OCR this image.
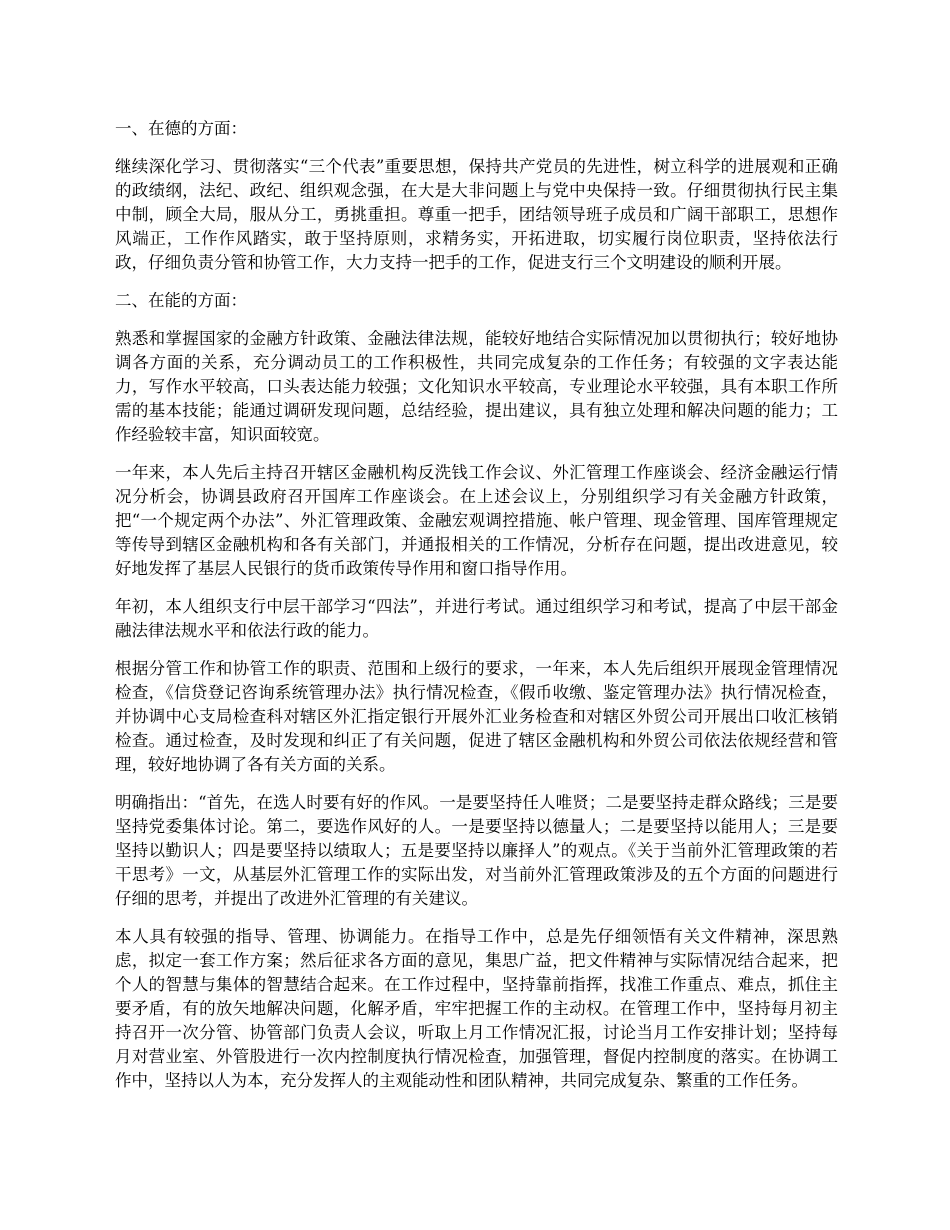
一、在德的方面：

继续深化学习、贯彻落实“三个代表”重要思想，保持共产党员的先进性，树立科学的进展观和正确的政绩纲，法纪、政纪、组织观念强，在大是大非问题上与党中央保持一致。仔细贯彻执行民主集中制，顾全大局，服从分工，勇挑重担。尊重一把手，团结领导班子成员和广阔干部职工，思想作风端正，工作作风踏实，敢于坚持原则，求精务实，开拓进取，切实履行岗位职责，坚持依法行政，仔细负责分管和协管工作，大力支持一把手的工作，促进支行三个文明建设的顺利开展。

二、在能的方面：

熟悉和掌握国家的金融方针政策、金融法律法规，能较好地结合实际情况加以贯彻执行；较好地协调各方面的关系，充分调动员工的工作积极性，共同完成复杂的工作任务；有较强的文字表达能力，写作水平较高，口头表达能力较强；文化知识水平较高，专业理论水平较强，具有本职工作所需的基本技能；能通过调研发现问题，总结经验，提出建议，具有独立处理和解决问题的能力；工作经验较丰富，知识面较宽。

一年来，本人先后主持召开辖区金融机构反洗钱工作会议、外汇管理工作座谈会、经济金融运行情况分析会，协调县政府召开国库工作座谈会。在上述会议上，分别组织学习有关金融方针政策，把“一个规定两个办法”、外汇管理政策、金融宏观调控措施、帐户管理、现金管理、国库管理规定等传导到辖区金融机构和各有关部门，并通报相关的工作情况，分析存在问题，提出改进意见，较好地发挥了基层人民银行的货币政策传导作用和窗口指导作用。

年初，本人组织支行中层干部学习“四法”，并进行考试。通过组织学习和考试，提高了中层干部金融法律法规水平和依法行政的能力。

根据分管工作和协管工作的职责、范围和上级行的要求，一年来，本人先后组织开展现金管理情况检查，《信贷登记咨询系统管理办法》执行情况检查，《假币收缴、鉴定管理办法》执行情况检查，并协调中心支局检查科对辖区外汇指定银行开展外汇业务检查和对辖区外贸公司开展出口收汇核销检查。通过检查，及时发现和纠正了有关问题，促进了辖区金融机构和外贸公司依法依规经营和管理，较好地协调了各有关方面的关系。

明确指出：“首先，在选人时要有好的作风。一是要坚持任人唯贤；二是要坚持走群众路线；三是要坚持党委集体讨论。第二，要选作风好的人。一是要坚持以德量人；二是要坚持以能用人；三是要坚持以勤识人；四是要坚持以绩取人；五是要坚持以廉择人”的观点。《关于当前外汇管理政策的若干思考》一文，从基层外汇管理工作的实际出发，对当前外汇管理政策涉及的五个方面的问题进行仔细的思考，并提出了改进外汇管理的有关建议。

本人具有较强的指导、管理、协调能力。在指导工作中，总是先仔细领悟有关文件精神，深思熟虑，拟定一套工作方案；然后征求各方面的意见，集思广益，把文件精神与实际情况结合起来，把个人的智慧与集体的智慧结合起来。在工作过程中，坚持靠前指挥，找准工作重点、难点，抓住主要矛盾，有的放矢地解决问题，化解矛盾，牢牢把握工作的主动权。在管理工作中，坚持每月初主持召开一次分管、协管部门负责人会议，听取上月工作情况汇报，讨论当月工作安排计划；坚持每月对营业室、外管股进行一次内控制度执行情况检查，加强管理，督促内控制度的落实。在协调工作中，坚持以人为本，充分发挥人的主观能动性和团队精神，共同完成复杂、繁重的工作任务。
